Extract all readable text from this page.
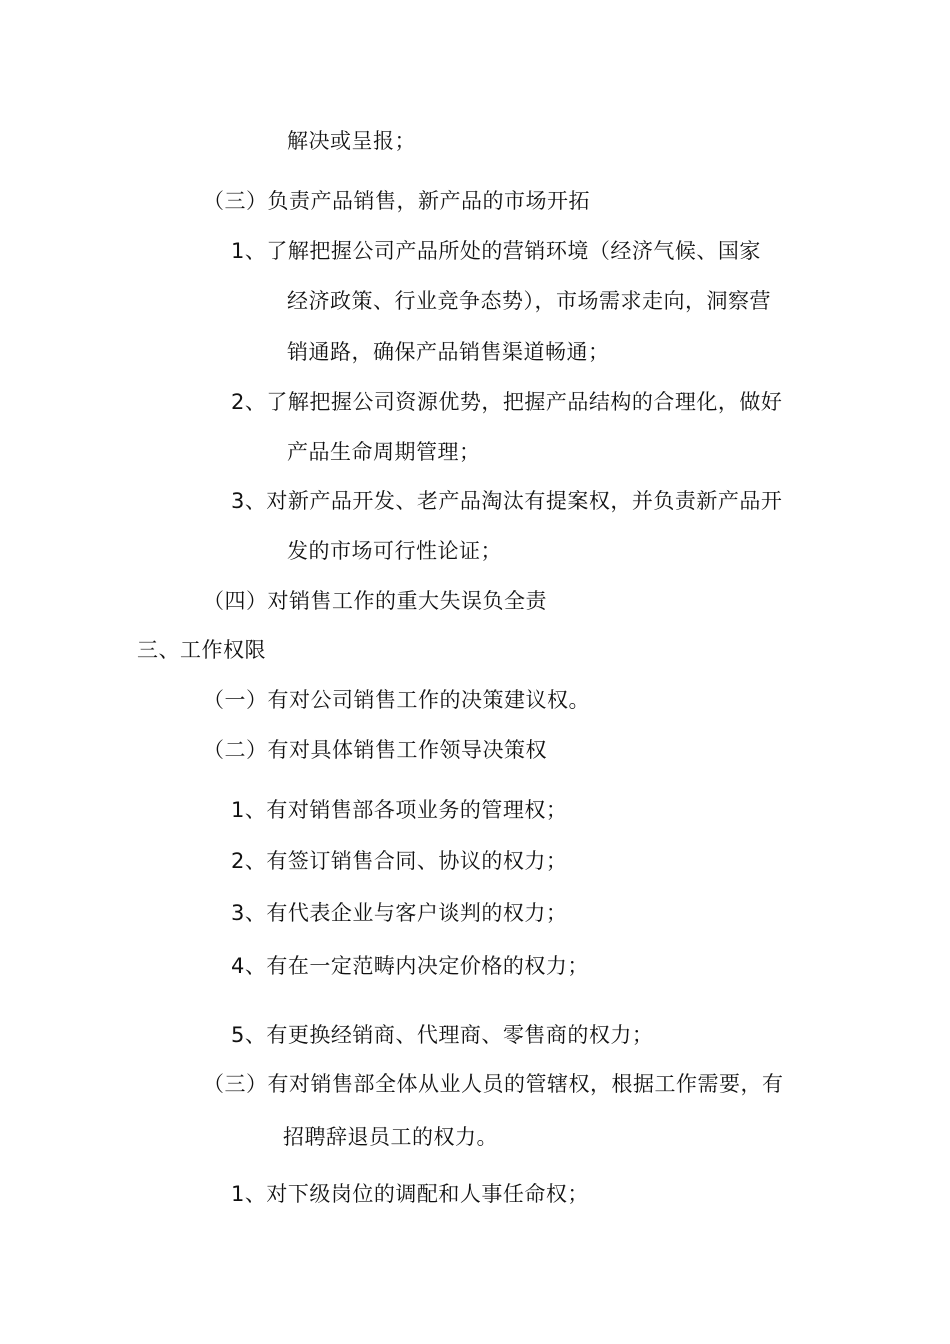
解决或呈报；
（三）负责产品销售，新产品的市场开拓
1、了解把握公司产品所处的营销环境（经济气候、国家
经济政策、行业竞争态势），市场需求走向，洞察营
销通路，确保产品销售渠道畅通；
2、了解把握公司资源优势，把握产品结构的合理化，做好
产品生命周期管理；
3、对新产品开发、老产品淘汰有提案权，并负责新产品开
发的市场可行性论证；
（四）对销售工作的重大失误负全责
三、工作权限
（一）有对公司销售工作的决策建议权。
（二）有对具体销售工作领导决策权
1、有对销售部各项业务的管理权；
2、有签订销售合同、协议的权力；
3、有代表企业与客户谈判的权力；
4、有在一定范畴内决定价格的权力；
5、有更换经销商、代理商、零售商的权力；
（三）有对销售部全体从业人员的管辖权，根据工作需要，有
招聘辞退员工的权力。
1、对下级岗位的调配和人事任命权；
